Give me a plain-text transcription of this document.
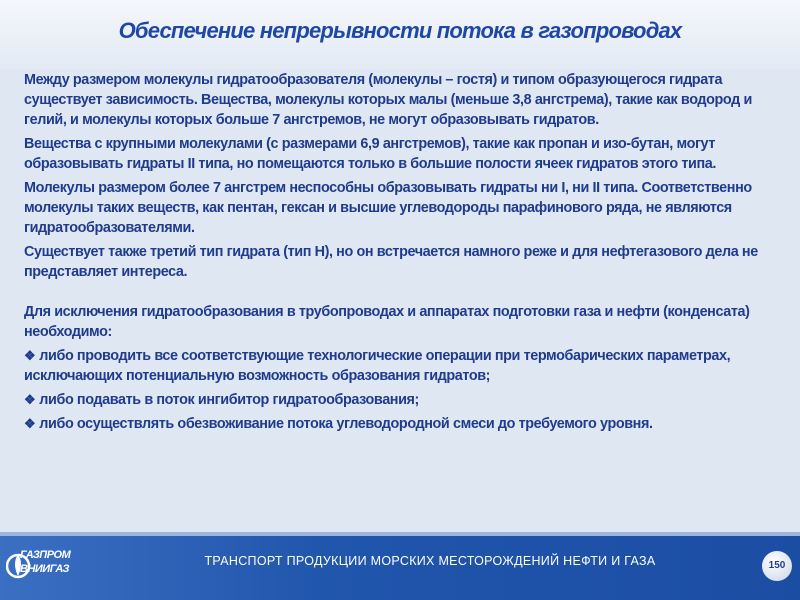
Обеспечение непрерывности потока в газопроводах

Между размером молекулы гидратообразователя (молекулы – гостя) и типом образующегося гидрата существует зависимость. Вещества, молекулы которых малы (меньше 3,8 ангстрема), такие как водород и гелий, и молекулы которых больше 7 ангстремов, не могут образовывать гидратов.

Вещества с крупными молекулами (с размерами 6,9 ангстремов), такие как пропан и изо-бутан, могут образовывать гидраты II типа, но помещаются только в большие полости ячеек гидратов этого типа.

Молекулы размером более 7 ангстрем неспособны образовывать гидраты ни I, ни II типа. Соответственно молекулы таких веществ, как пентан, гексан и высшие углеводороды парафинового ряда, не являются гидратообразователями.

Существует также третий тип гидрата (тип Н), но он встречается намного реже и для нефтегазового дела не представляет интереса.

Для исключения гидратообразования в трубопроводах и аппаратах подготовки газа и нефти (конденсата) необходимо:

❖ либо проводить все соответствующие технологические операции при термобарических параметрах, исключающих потенциальную возможность образования гидратов;
❖ либо подавать в поток ингибитор гидратообразования;
❖ либо осуществлять обезвоживание потока углеводородной смеси до требуемого уровня.
ГАЗПРОМ
ВНИИГАЗ
ТРАНСПОРТ ПРОДУКЦИИ МОРСКИХ МЕСТОРОЖДЕНИЙ НЕФТИ И ГАЗА	150
